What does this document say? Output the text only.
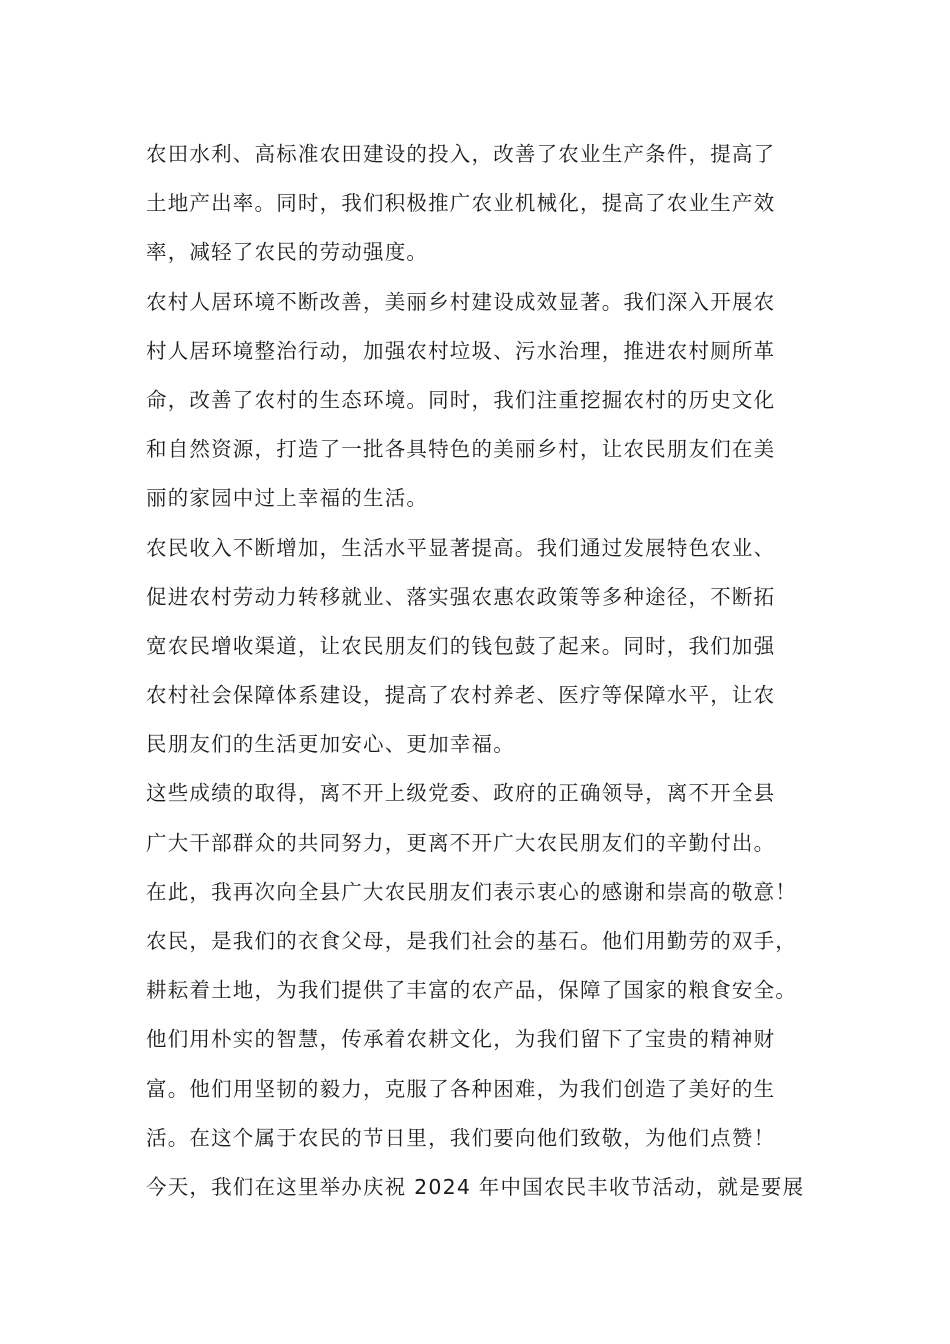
农田水利、高标准农田建设的投入，改善了农业生产条件，提高了
土地产出率。同时，我们积极推广农业机械化，提高了农业生产效
率，减轻了农民的劳动强度。
农村人居环境不断改善，美丽乡村建设成效显著。我们深入开展农
村人居环境整治行动，加强农村垃圾、污水治理，推进农村厕所革
命，改善了农村的生态环境。同时，我们注重挖掘农村的历史文化
和自然资源，打造了一批各具特色的美丽乡村，让农民朋友们在美
丽的家园中过上幸福的生活。
农民收入不断增加，生活水平显著提高。我们通过发展特色农业、
促进农村劳动力转移就业、落实强农惠农政策等多种途径，不断拓
宽农民增收渠道，让农民朋友们的钱包鼓了起来。同时，我们加强
农村社会保障体系建设，提高了农村养老、医疗等保障水平，让农
民朋友们的生活更加安心、更加幸福。
这些成绩的取得，离不开上级党委、政府的正确领导，离不开全县
广大干部群众的共同努力，更离不开广大农民朋友们的辛勤付出。
在此，我再次向全县广大农民朋友们表示衷心的感谢和崇高的敬意！
农民，是我们的衣食父母，是我们社会的基石。他们用勤劳的双手，
耕耘着土地，为我们提供了丰富的农产品，保障了国家的粮食安全。
他们用朴实的智慧，传承着农耕文化，为我们留下了宝贵的精神财
富。他们用坚韧的毅力，克服了各种困难，为我们创造了美好的生
活。在这个属于农民的节日里，我们要向他们致敬，为他们点赞！
今天，我们在这里举办庆祝 2024 年中国农民丰收节活动，就是要展
